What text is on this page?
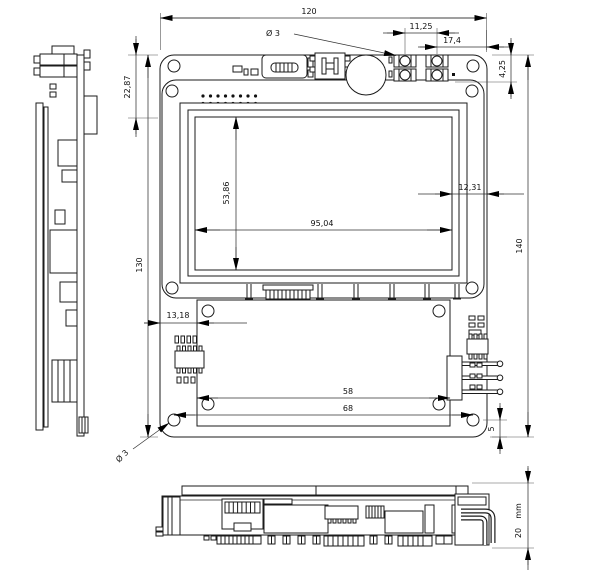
120
Ø 3
11,25
17,4
4,25
22,87
130
140
53,86
95,04
12,31
13,18
58
68
5
Ø 3
mm
20
